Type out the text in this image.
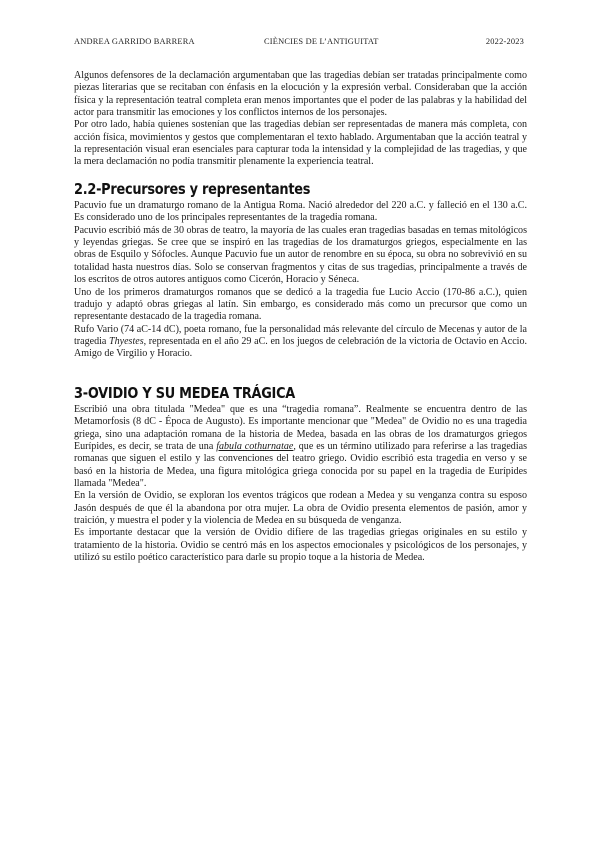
ANDREA GARRIDO BARRERA	CIÈNCIES DE L’ANTIGUITAT	2022-2023

Algunos defensores de la declamación argumentaban que las tragedias debían ser tratadas principalmente como piezas literarias que se recitaban con énfasis en la elocución y la expresión verbal. Consideraban que la acción física y la representación teatral completa eran menos importantes que el poder de las palabras y la habilidad del actor para transmitir las emociones y los conflictos internos de los personajes.

Por otro lado, había quienes sostenían que las tragedias debían ser representadas de manera más completa, con acción física, movimientos y gestos que complementaran el texto hablado. Argumentaban que la acción teatral y la representación visual eran esenciales para capturar toda la intensidad y la complejidad de las tragedias, y que la mera declamación no podía transmitir plenamente la experiencia teatral.

2.2-Precursores y representantes

Pacuvio fue un dramaturgo romano de la Antigua Roma. Nació alrededor del 220 a.C. y falleció en el 130 a.C. Es considerado uno de los principales representantes de la tragedia romana.

Pacuvio escribió más de 30 obras de teatro, la mayoría de las cuales eran tragedias basadas en temas mitológicos y leyendas griegas. Se cree que se inspiró en las tragedias de los dramaturgos griegos, especialmente en las obras de Esquilo y Sófocles. Aunque Pacuvio fue un autor de renombre en su época, su obra no sobrevivió en su totalidad hasta nuestros días. Solo se conservan fragmentos y citas de sus tragedias, principalmente a través de los escritos de otros autores antiguos como Cicerón, Horacio y Séneca.

Uno de los primeros dramaturgos romanos que se dedicó a la tragedia fue Lucio Accio (170-86 a.C.), quien tradujo y adaptó obras griegas al latín. Sin embargo, es considerado más como un precursor que como un representante destacado de la tragedia romana.

Rufo Vario (74 aC-14 dC), poeta romano, fue la personalidad más relevante del círculo de Mecenas y autor de la tragedia Thyestes, representada en el año 29 aC. en los juegos de celebración de la victoria de Octavio en Accio. Amigo de Virgilio y Horacio.

3-OVIDIO Y SU MEDEA TRÁGICA

Escribió una obra titulada "Medea" que es una “tragedia romana”. Realmente se encuentra dentro de las Metamorfosis (8 dC - Época de Augusto). Es importante mencionar que "Medea" de Ovidio no es una tragedia griega, sino una adaptación romana de la historia de Medea, basada en las obras de los dramaturgos griegos Eurípides, es decir, se trata de una fabula cothurnatae, que es un término utilizado para referirse a las tragedias romanas que siguen el estilo y las convenciones del teatro griego. Ovidio escribió esta tragedia en verso y se basó en la historia de Medea, una figura mitológica griega conocida por su papel en la tragedia de Eurípides llamada "Medea".

En la versión de Ovidio, se exploran los eventos trágicos que rodean a Medea y su venganza contra su esposo Jasón después de que él la abandona por otra mujer. La obra de Ovidio presenta elementos de pasión, amor y traición, y muestra el poder y la violencia de Medea en su búsqueda de venganza.

Es importante destacar que la versión de Ovidio difiere de las tragedias griegas originales en su estilo y tratamiento de la historia. Ovidio se centró más en los aspectos emocionales y psicológicos de los personajes, y utilizó su estilo poético característico para darle su propio toque a la historia de Medea.
